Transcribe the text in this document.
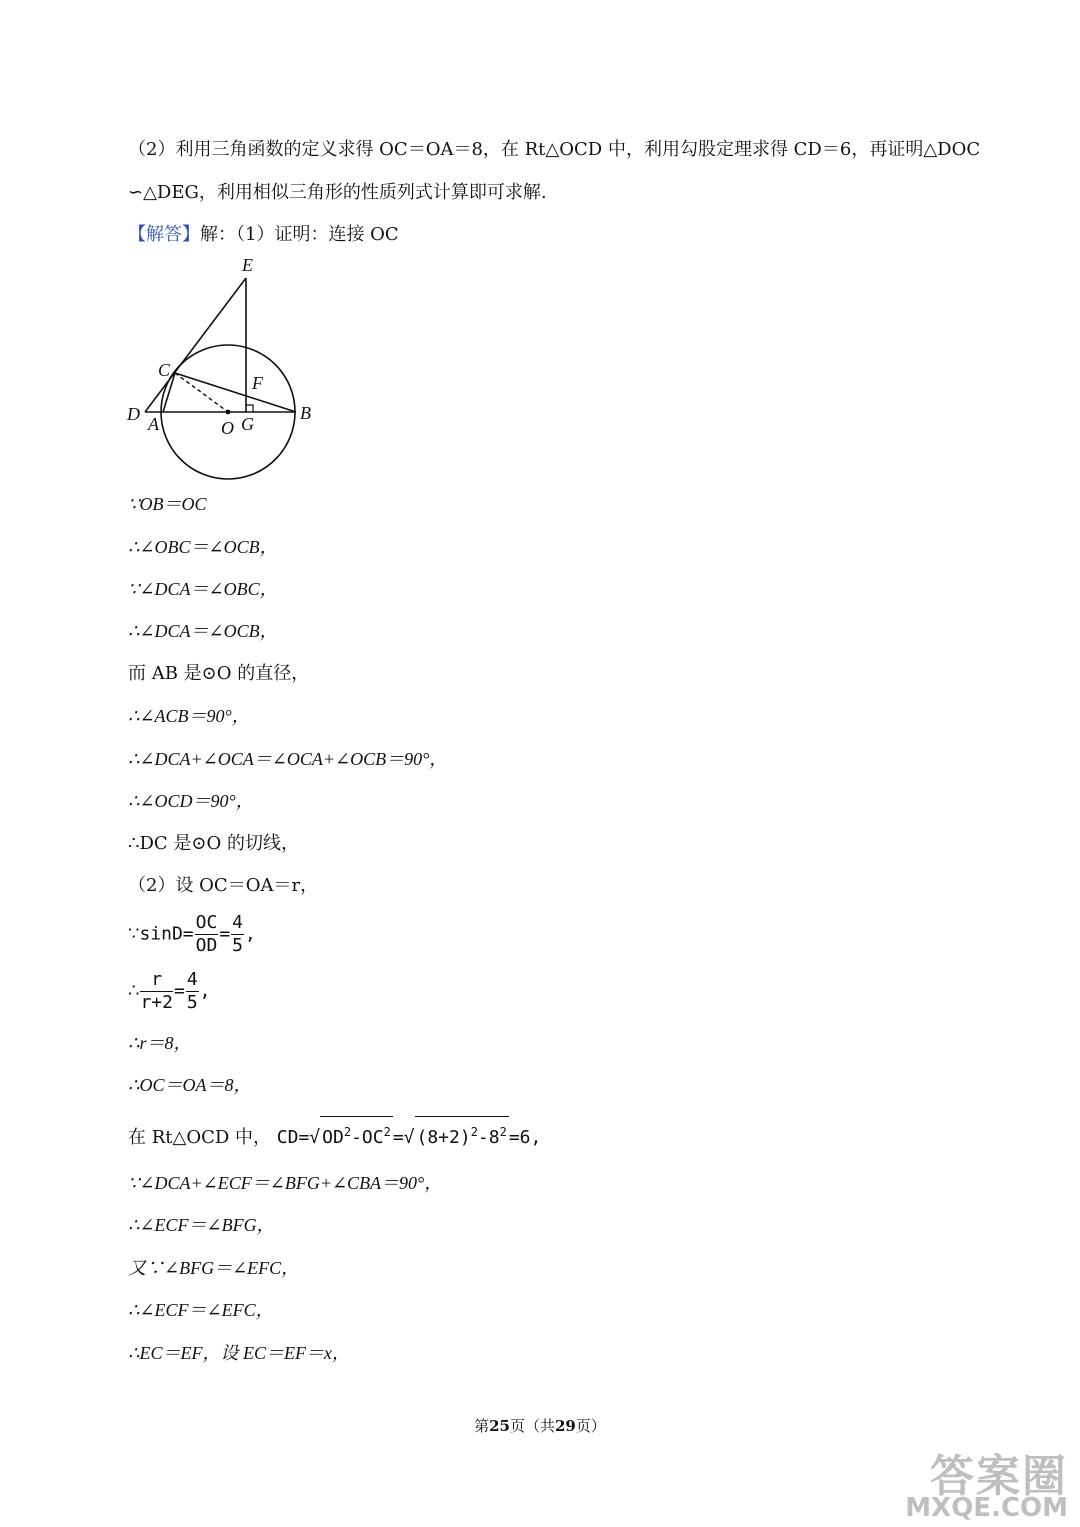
（2）利用三角函数的定义求得 OC＝OA＝8，在 Rt△OCD 中，利用勾股定理求得 CD＝6，再证明△DOC
∽△DEG，利用相似三角形的性质列式计算即可求解.
【解答】解：（1）证明：连接 OC
E
C
F
D A	O G
B
∵OB＝OC
∴∠OBC＝∠OCB，
∵∠DCA＝∠OBC，
∴∠DCA＝∠OCB，
而 AB 是⊙O 的直径，
∴∠ACB＝90°，
∴∠DCA+∠OCA＝∠OCA+∠OCB＝90°，
∴∠OCD＝90°，
∴DC 是⊙O 的切线，
（2）设 OC＝OA＝r，
∵sinD= $\frac{OC}{OD} = \frac{4}{5}$ ,
∴ $\frac{r}{r+2} = \frac{4}{5}$ ,
∴r＝8，
∴OC＝OA＝8，
在 Rt△OCD 中， CD=√ $OD^2-OC^2$ =√ $(8+2)^2-8^2 =6$,
∵∠DCA+∠ECF＝∠BFG+∠CBA＝90°，
∴∠ECF＝∠BFG，
又∵∠BFG＝∠EFC，
∴∠ECF＝∠EFC，
∴EC＝EF，设 EC＝EF＝x，
第25页（共29页）
答案圈
MXQE.COM
